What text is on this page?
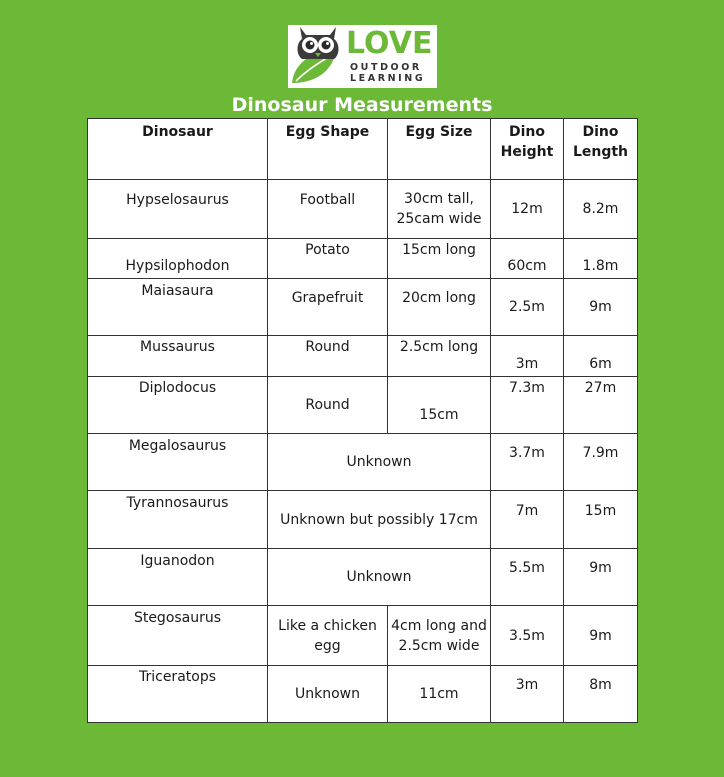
LOVE
OUTDOOR
LEARNING
Dinosaur Measurements
Dinosaur	Egg Shape	Egg Size	Dino Height	Dino Length
Hypselosaurus	Football	30cm tall, 25cam wide	12m	8.2m
Hypsilophodon	Potato	15cm long	60cm	1.8m
Maiasaura	Grapefruit	20cm long	2.5m	9m
Mussaurus	Round	2.5cm long	3m	6m
Diplodocus	Round	15cm	7.3m	27m
Megalosaurus	Unknown		3.7m	7.9m
Tyrannosaurus	Unknown but possibly 17cm		7m	15m
Iguanodon	Unknown		5.5m	9m
Stegosaurus	Like a chicken egg	4cm long and 2.5cm wide	3.5m	9m
Triceratops	Unknown	11cm	3m	8m
